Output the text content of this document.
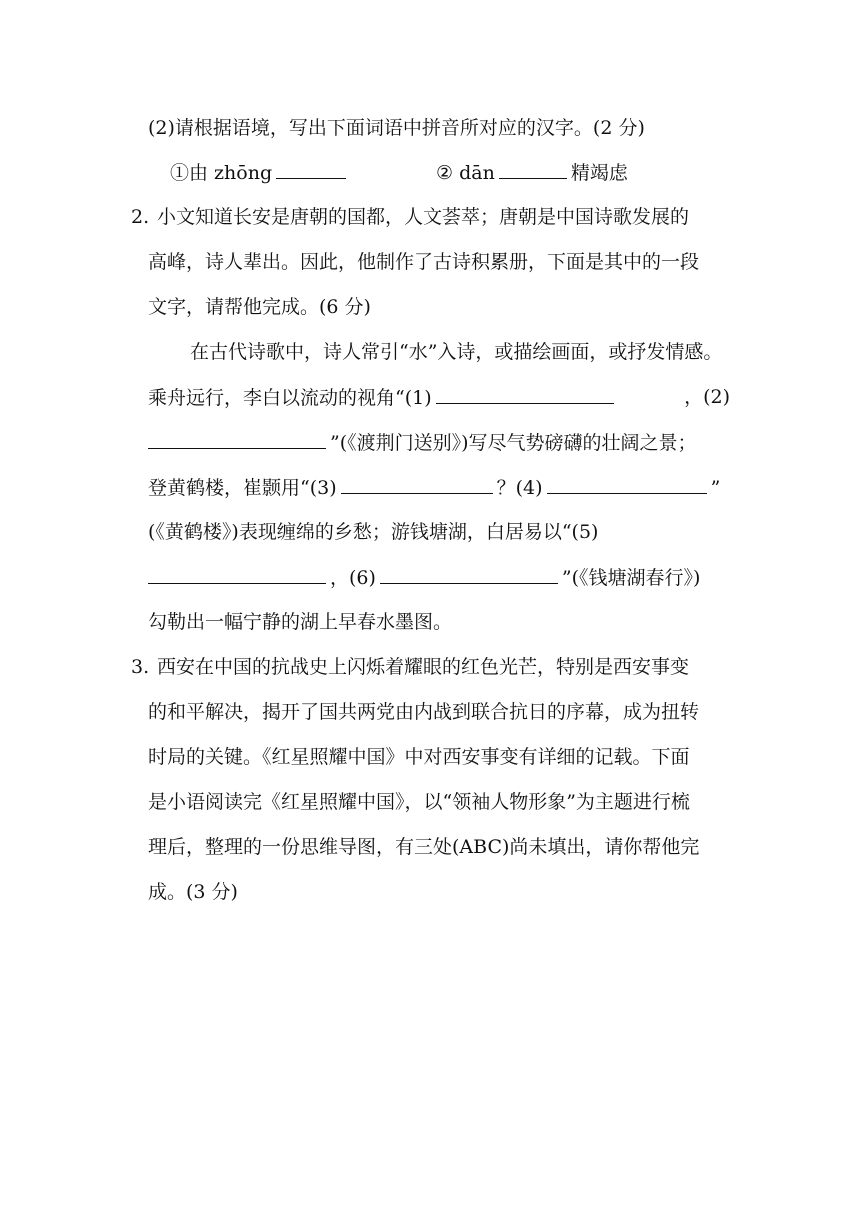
(2)请根据语境，写出下面词语中拼音所对应的汉字。(2 分)
①由 zhōng	② dān	精竭虑
2. 小文知道长安是唐朝的国都，人文荟萃；唐朝是中国诗歌发展的
高峰，诗人辈出。因此，他制作了古诗积累册，下面是其中的一段
文字，请帮他完成。(6 分)
在古代诗歌中，诗人常引“水”入诗，或描绘画面，或抒发情感。
乘舟远行，李白以流动的视角“(1)	，(2)
”(《渡荆门送别》)写尽气势磅礴的壮阔之景；
登黄鹤楼，崔颢用“(3)	？(4)	”
(《黄鹤楼》)表现缠绵的乡愁；游钱塘湖，白居易以“(5)
，(6)	”(《钱塘湖春行》)
勾勒出一幅宁静的湖上早春水墨图。
3. 西安在中国的抗战史上闪烁着耀眼的红色光芒，特别是西安事变
的和平解决，揭开了国共两党由内战到联合抗日的序幕，成为扭转
时局的关键。《红星照耀中国》中对西安事变有详细的记载。下面
是小语阅读完《红星照耀中国》，以“领袖人物形象”为主题进行梳
理后，整理的一份思维导图，有三处(ABC)尚未填出，请你帮他完
成。(3 分)
